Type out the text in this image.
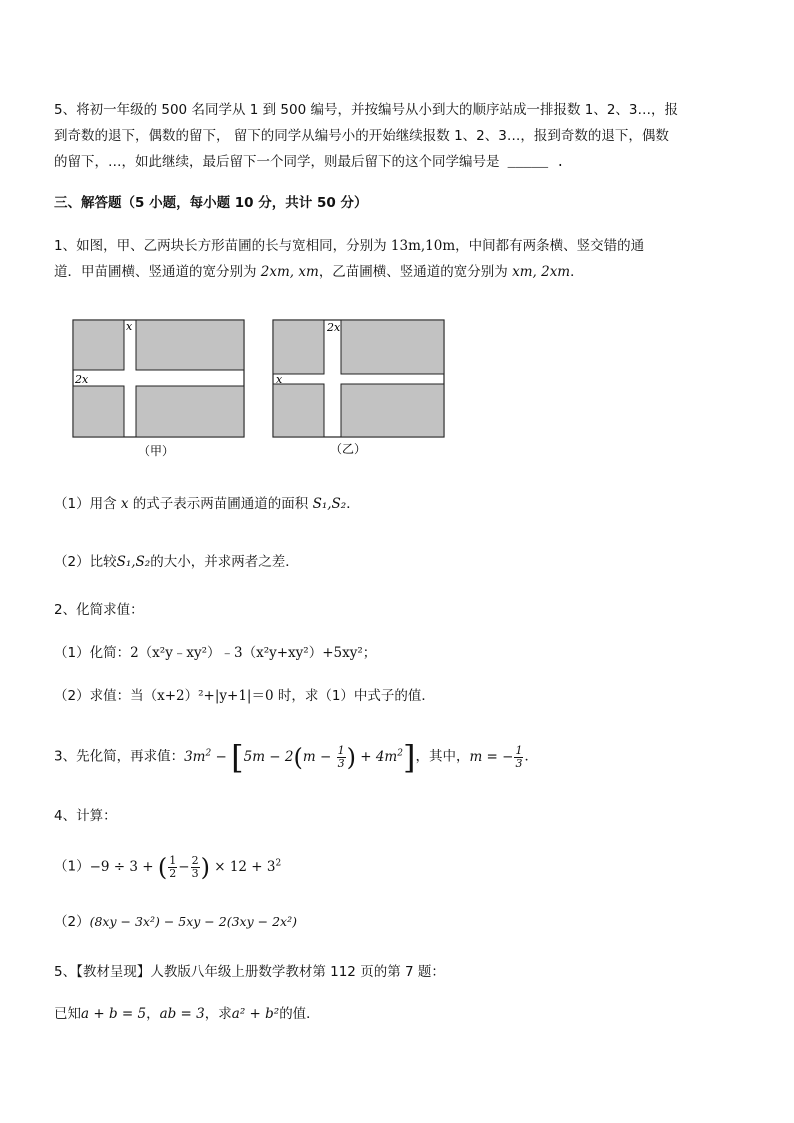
5、将初一年级的 500 名同学从 1 到 500 编号，并按编号从小到大的顺序站成一排报数 1、2、3…，报
到奇数的退下，偶数的留下， 留下的同学从编号小的开始继续报数 1、2、3…，报到奇数的退下，偶数
的留下，…，如此继续，最后留下一个同学，则最后留下的这个同学编号是 _____ .
三、解答题（5 小题，每小题 10 分，共计 50 分）
1、如图，甲、乙两块长方形苗圃的长与宽相同，分别为 13m,10m，中间都有两条横、竖交错的通
道．甲苗圃横、竖通道的宽分别为 2xm, xm，乙苗圃横、竖通道的宽分别为 xm, 2xm．
x
2x
（甲）
2x
x
（乙）
（1）用含 x 的式子表示两苗圃通道的面积 S₁,S₂．
（2）比较S₁,S₂的大小，并求两者之差．
2、化简求值：
（1）化简：2（x²y﹣xy²）﹣3（x²y+xy²）+5xy²；
（2）求值：当（x+2）²+|y+1|＝0 时，求（1）中式子的值．
3、先化简，再求值：$3m^2 - [5m - 2(m - \frac{1}{3}$ ) + $4m^2$]，其中，m = − $\frac{1}{3}$ ．
4、计算：
（1）−9 ÷ 3 + ( $\frac{1}{2} - \frac{2}{3}$ ) × $12 + 3^2$
（2）(8xy − 3x²) − 5xy − 2(3xy − 2x²)
5、【教材呈现】人教版八年级上册数学教材第 112 页的第 7 题：
已知a + b = 5，ab = 3，求a² + b²的值．
